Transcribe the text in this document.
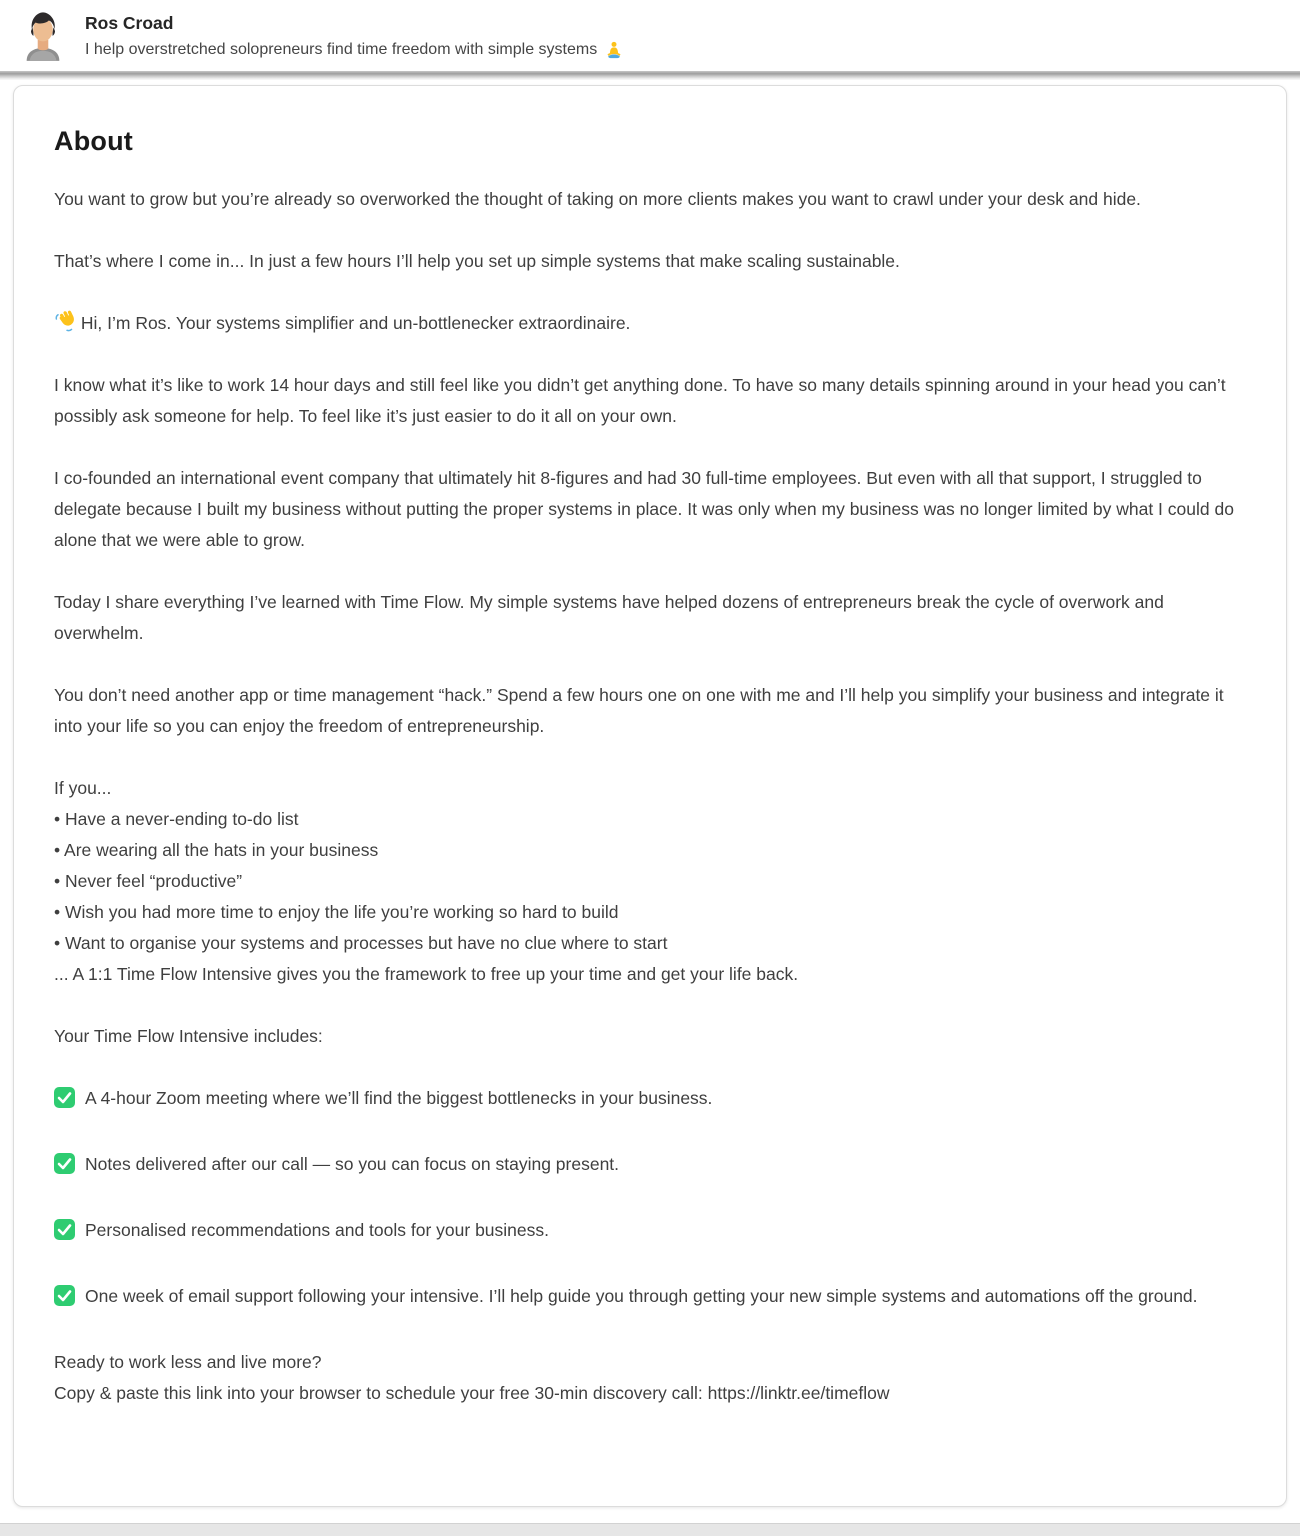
Ros Croad
I help overstretched solopreneurs find time freedom with simple systems
About

You want to grow but you’re already so overworked the thought of taking on more clients makes you want to crawl under your desk and hide.

That’s where I come in... In just a few hours I’ll help you set up simple systems that make scaling sustainable.

Hi, I’m Ros. Your systems simplifier and un-bottlenecker extraordinaire.

I know what it’s like to work 14 hour days and still feel like you didn’t get anything done. To have so many details spinning around in your head you can’t possibly ask someone for help. To feel like it’s just easier to do it all on your own.

I co-founded an international event company that ultimately hit 8-figures and had 30 full-time employees. But even with all that support, I struggled to delegate because I built my business without putting the proper systems in place. It was only when my business was no longer limited by what I could do alone that we were able to grow.

Today I share everything I’ve learned with Time Flow. My simple systems have helped dozens of entrepreneurs break the cycle of overwork and overwhelm.

You don’t need another app or time management “hack.” Spend a few hours one on one with me and I’ll help you simplify your business and integrate it into your life so you can enjoy the freedom of entrepreneurship.

If you...
• Have a never-ending to-do list
• Are wearing all the hats in your business
• Never feel “productive”
• Wish you had more time to enjoy the life you’re working so hard to build
• Want to organise your systems and processes but have no clue where to start
... A 1:1 Time Flow Intensive gives you the framework to free up your time and get your life back.

Your Time Flow Intensive includes:

A 4-hour Zoom meeting where we’ll find the biggest bottlenecks in your business.

Notes delivered after our call — so you can focus on staying present.

Personalised recommendations and tools for your business.

One week of email support following your intensive. I’ll help guide you through getting your new simple systems and automations off the ground.

Ready to work less and live more?
Copy & paste this link into your browser to schedule your free 30-min discovery call: https://linktr.ee/timeflow
